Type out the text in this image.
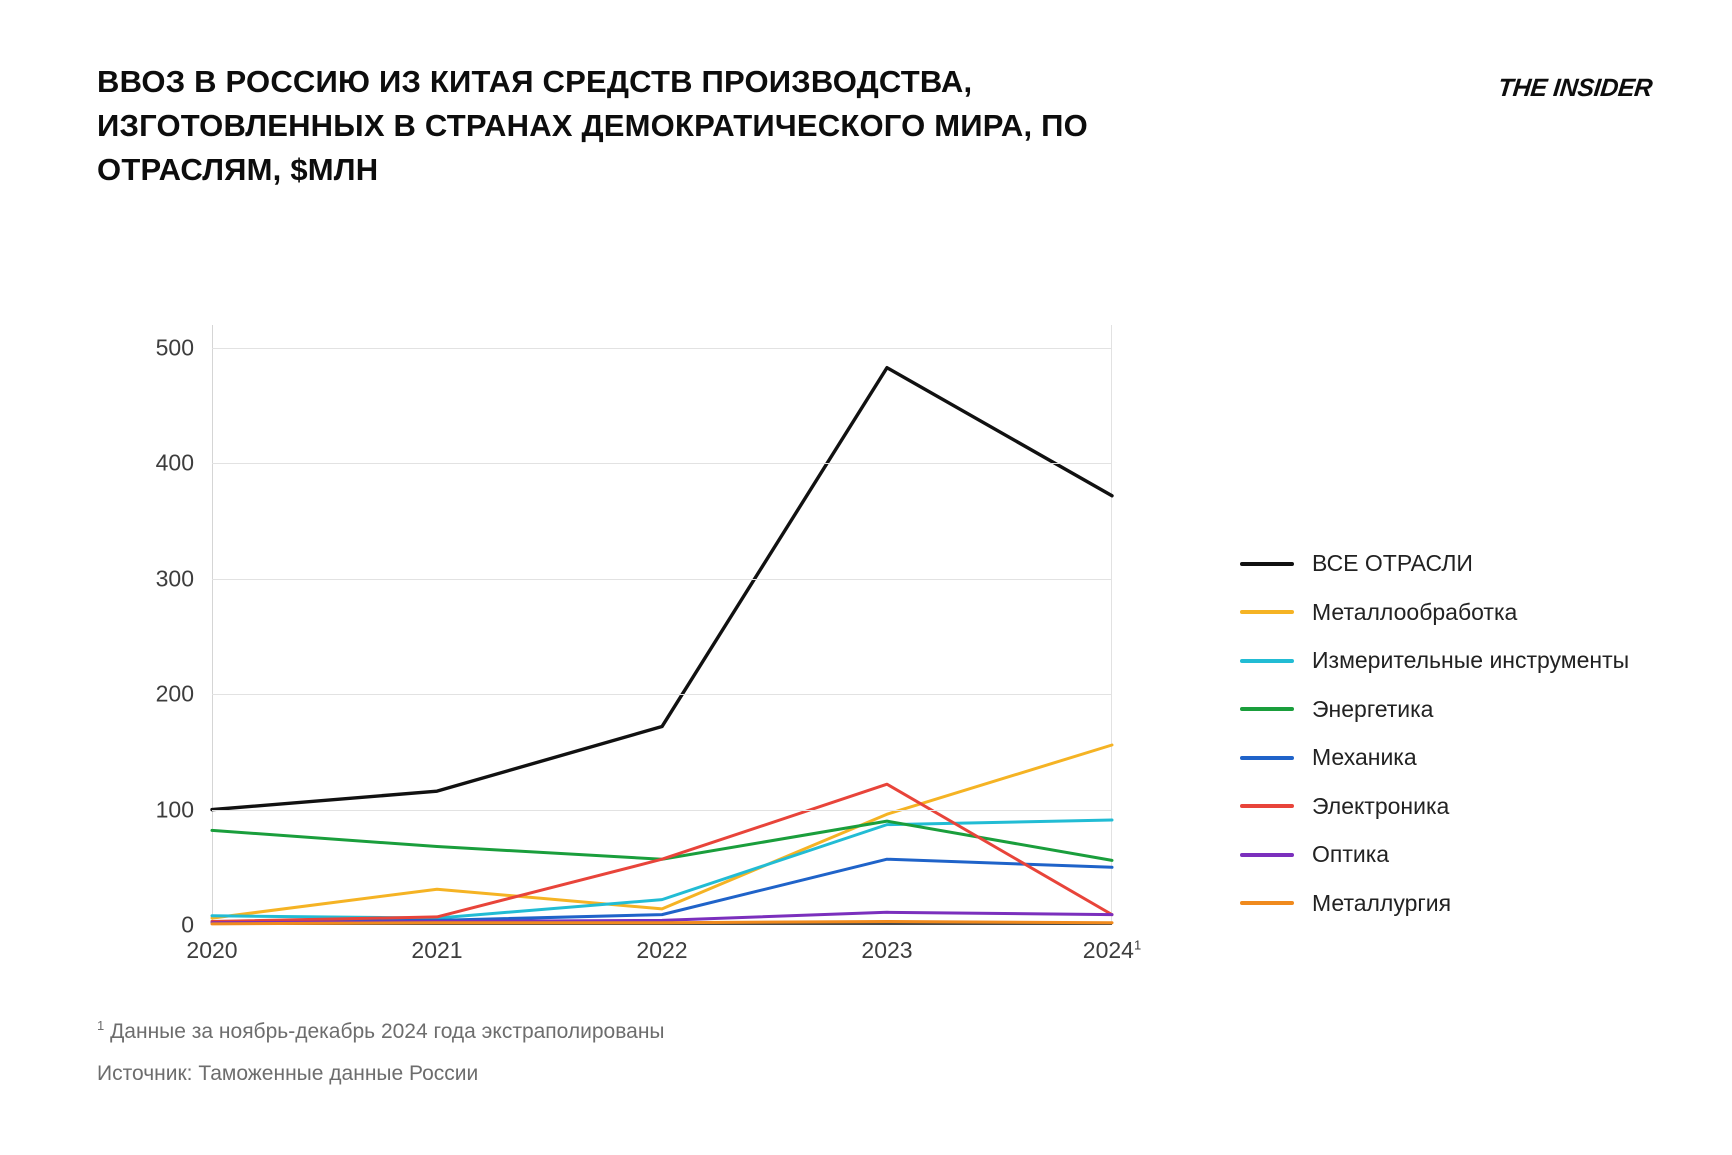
ВВОЗ В РОССИЮ ИЗ КИТАЯ СРЕДСТВ ПРОИЗВОДСТВА, ИЗГОТОВЛЕННЫХ В СТРАНАХ ДЕМОКРАТИЧЕСКОГО МИРА, ПО ОТРАСЛЯМ, $МЛН
THE INSIDER
0
100
200
300
400
500
2020	2021	2022	2023	2024$^1$
ВСЕ ОТРАСЛИ
Металлообработка
Измерительные инструменты
Энергетика
Механика
Электроника
Оптика
Металлургия
$^1$ Данные за ноябрь-декабрь 2024 года экстраполированы
Источник: Таможенные данные России
